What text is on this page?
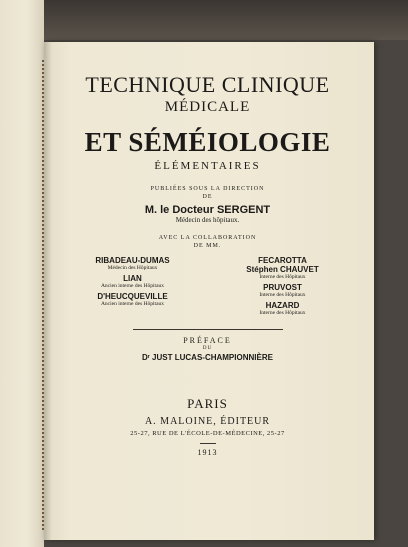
TECHNIQUE CLINIQUE
MÉDICALE
ET SÉMÉIOLOGIE
ÉLÉMENTAIRES
PUBLIÉES SOUS LA DIRECTION
DE
M. le Docteur SERGENT
Médecin des hôpitaux.
AVEC LA COLLABORATION
DE MM.
RIBADEAU-DUMAS
Médecin des Hôpitaux
LIAN
Ancien interne des Hôpitaux
D'HEUCQUEVILLE
Ancien interne des Hôpitaux
FECAROTTA
Stéphen CHAUVET
Interne des Hôpitaux
PRUVOST
Interne des Hôpitaux
HAZARD
Interne des Hôpitaux
PRÉFACE
DU
Dʳ JUST LUCAS-CHAMPIONNIÈRE
PARIS
A. MALOINE, ÉDITEUR
25-27, RUE DE L'ÉCOLE-DE-MÉDECINE, 25-27
1913
